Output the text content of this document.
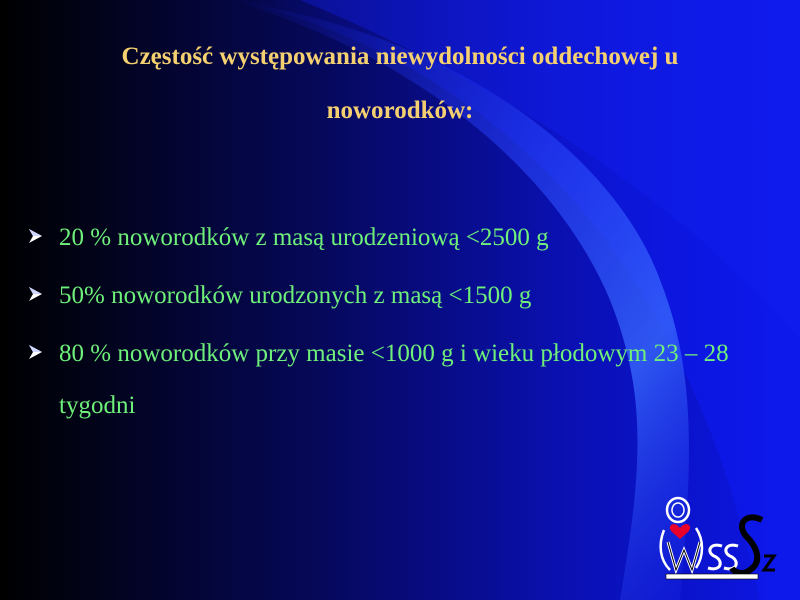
Częstość występowania niewydolności oddechowej u
noworodków:
20 % noworodków z masą urodzeniową <2500 g
50% noworodków urodzonych z masą <1500 g
80 % noworodków przy masie <1000 g i wieku płodowym 23 – 28 tygodni
